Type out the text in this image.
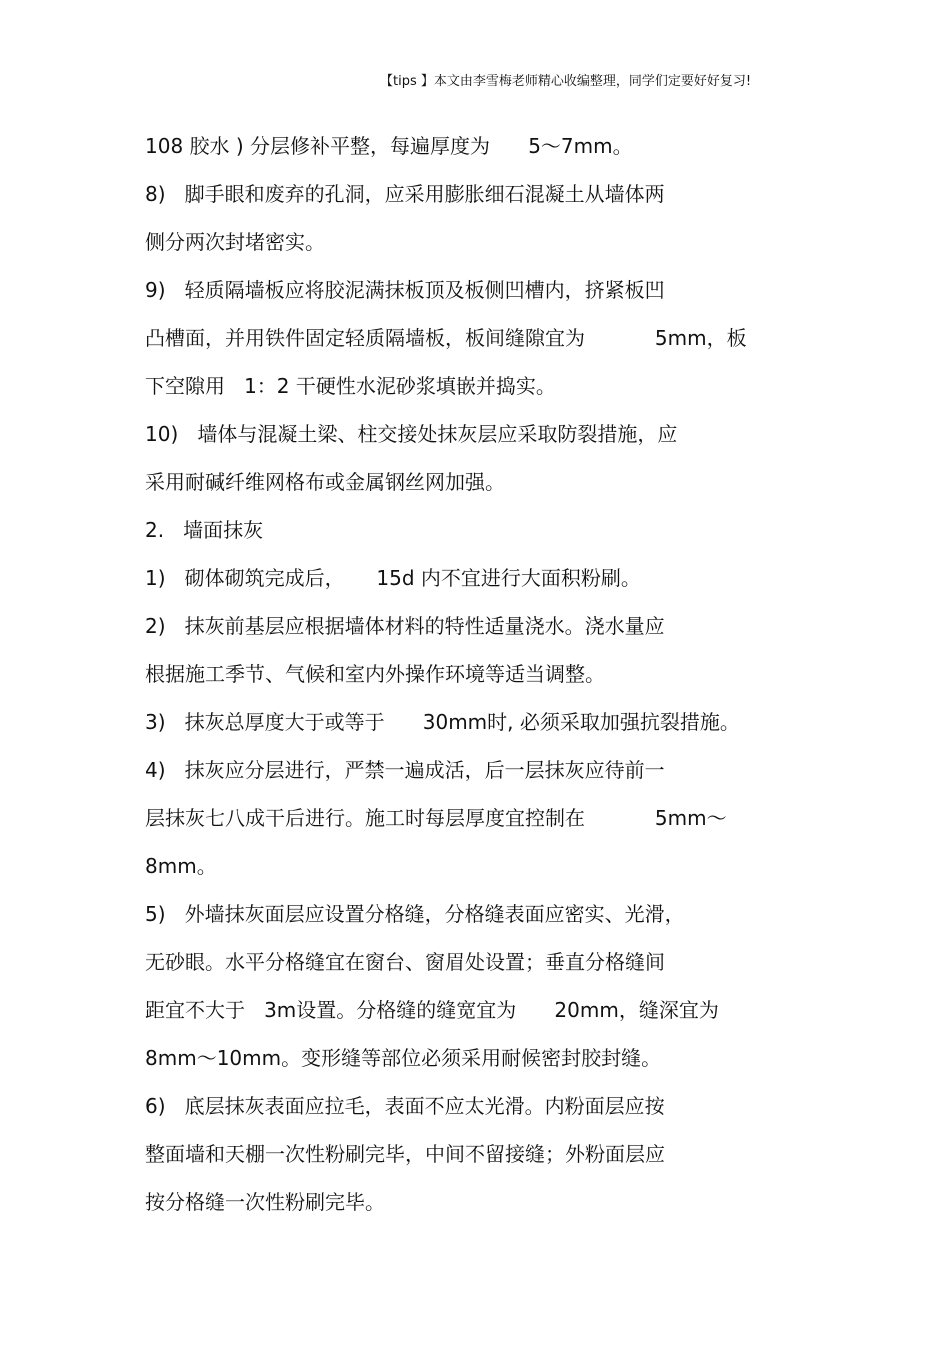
【tips 】本文由李雪梅老师精心收编整理，同学们定要好好复习!
108 胶水 ) 分层修补平整，每遍厚度为      5～7mm。
8)   脚手眼和废弃的孔洞，应采用膨胀细石混凝土从墙体两
侧分两次封堵密实。
9)   轻质隔墙板应将胶泥满抹板顶及板侧凹槽内，挤紧板凹
凸槽面，并用铁件固定轻质隔墙板，板间缝隙宜为           5mm，板
下空隙用   1：2 干硬性水泥砂浆填嵌并捣实。
10)   墙体与混凝土梁、柱交接处抹灰层应采取防裂措施，应
采用耐碱纤维网格布或金属钢丝网加强。
2.   墙面抹灰
1)   砌体砌筑完成后，     15d 内不宜进行大面积粉刷。
2)   抹灰前基层应根据墙体材料的特性适量浇水。浇水量应
根据施工季节、气候和室内外操作环境等适当调整。
3)   抹灰总厚度大于或等于      30mm时, 必须采取加强抗裂措施。
4)   抹灰应分层进行，严禁一遍成活，后一层抹灰应待前一
层抹灰七八成干后进行。施工时每层厚度宜控制在           5mm～
8mm。
5)   外墙抹灰面层应设置分格缝，分格缝表面应密实、光滑，
无砂眼。水平分格缝宜在窗台、窗眉处设置；垂直分格缝间
距宜不大于   3m设置。分格缝的缝宽宜为      20mm，缝深宜为
8mm～10mm。变形缝等部位必须采用耐候密封胶封缝。
6)   底层抹灰表面应拉毛，表面不应太光滑。内粉面层应按
整面墙和天棚一次性粉刷完毕，中间不留接缝；外粉面层应
按分格缝一次性粉刷完毕。
